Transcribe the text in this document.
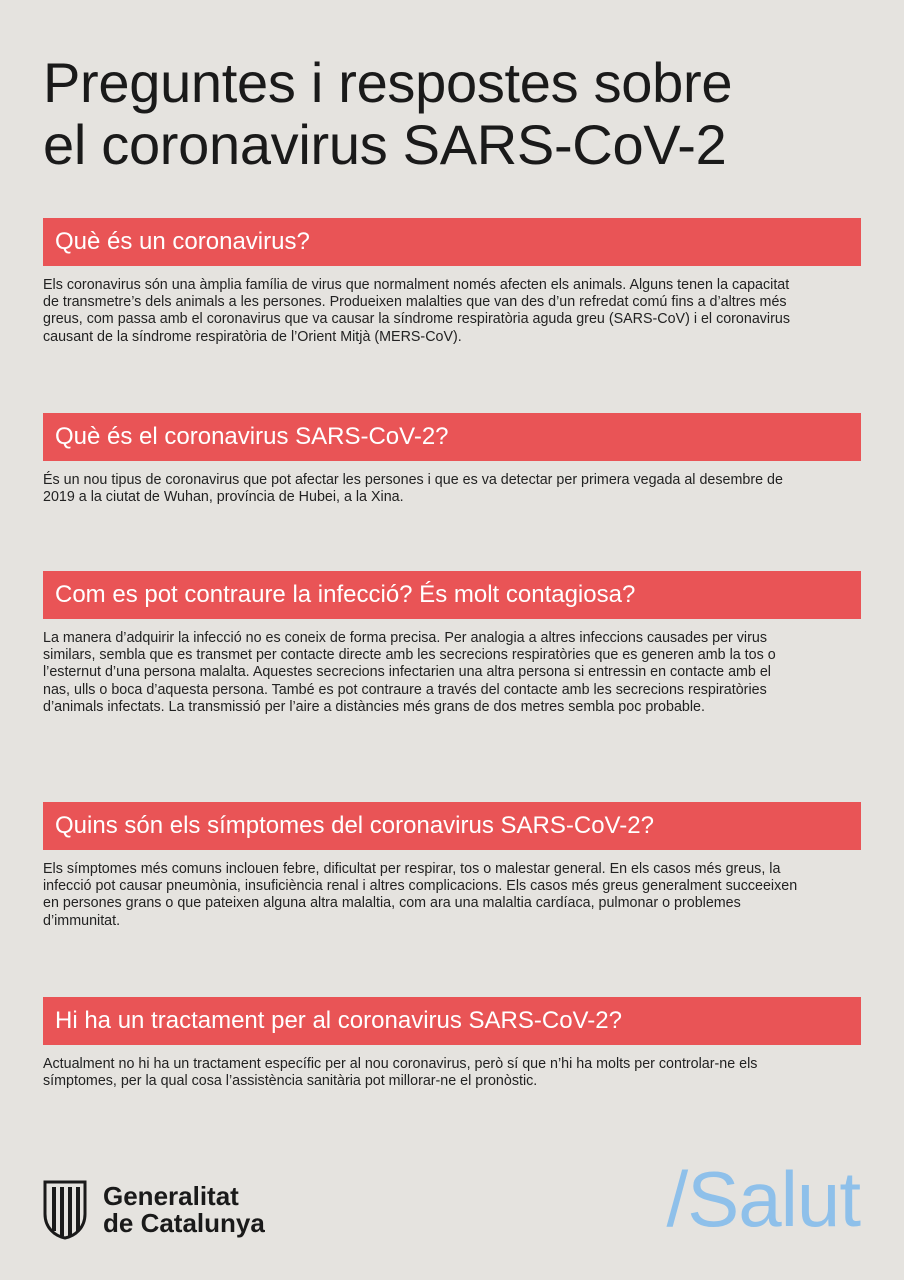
Preguntes i respostes sobre
el coronavirus SARS-CoV-2
Què és un coronavirus?

Els coronavirus són una àmplia família de virus que normalment només afecten els animals. Alguns tenen la capacitat de transmetre’s dels animals a les persones. Produeixen malalties que van des d’un refredat comú fins a d’altres més greus, com passa amb el coronavirus que va causar la síndrome respiratòria aguda greu (SARS-CoV) i el coronavirus causant de la síndrome respiratòria de l’Orient Mitjà (MERS-CoV).

Què és el coronavirus SARS-CoV-2?

És un nou tipus de coronavirus que pot afectar les persones i que es va detectar per primera vegada al desembre de 2019 a la ciutat de Wuhan, província de Hubei, a la Xina.

Com es pot contraure la infecció? És molt contagiosa?

La manera d’adquirir la infecció no es coneix de forma precisa. Per analogia a altres infeccions causades per virus similars, sembla que es transmet per contacte directe amb les secrecions respiratòries que es generen amb la tos o l’esternut d’una persona malalta. Aquestes secrecions infectarien una altra persona si entressin en contacte amb el nas, ulls o boca d’aquesta persona. També es pot contraure a través del contacte amb les secrecions respiratòries d’animals infectats. La transmissió per l’aire a distàncies més grans de dos metres sembla poc probable.

Quins són els símptomes del coronavirus SARS-CoV-2?

Els símptomes més comuns inclouen febre, dificultat per respirar, tos o malestar general. En els casos més greus, la infecció pot causar pneumònia, insuficiència renal i altres complicacions. Els casos més greus generalment succeeixen en persones grans o que pateixen alguna altra malaltia, com ara una malaltia cardíaca, pulmonar o problemes d’immunitat.

Hi ha un tractament per al coronavirus SARS-CoV-2?

Actualment no hi ha un tractament específic per al nou coronavirus, però sí que n’hi ha molts per controlar-ne els símptomes, per la qual cosa l’assistència sanitària pot millorar-ne el pronòstic.

Generalitat
de Catalunya	/Salut
